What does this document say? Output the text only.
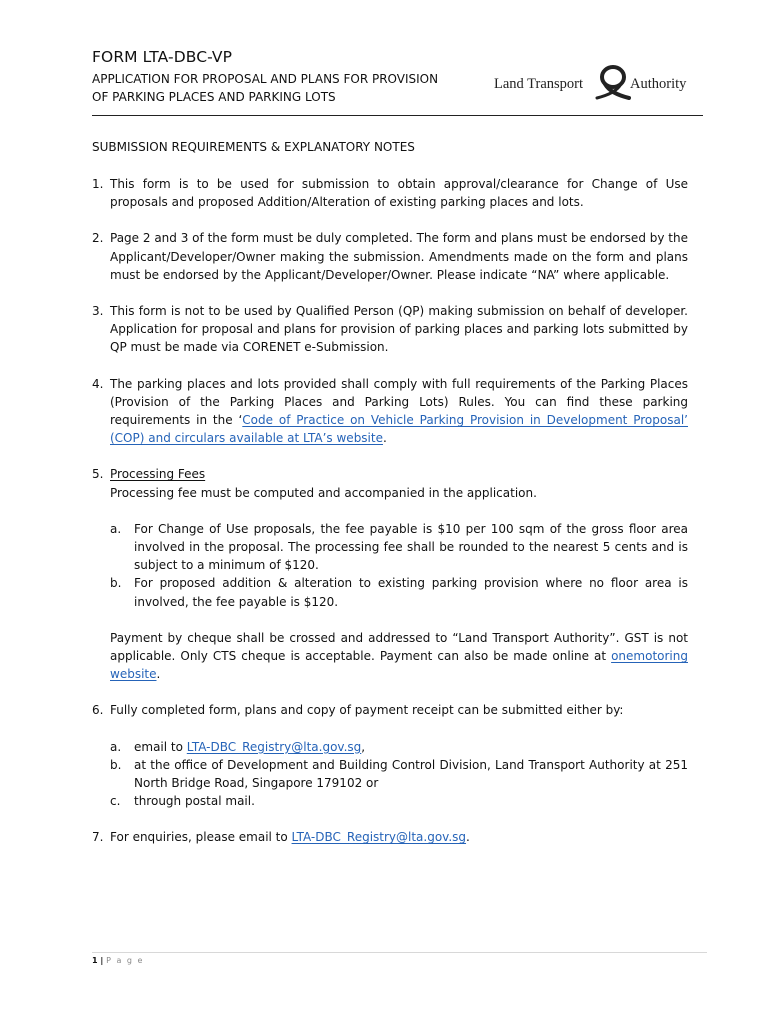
FORM LTA-DBC-VP
APPLICATION FOR PROPOSAL AND PLANS FOR PROVISION
OF PARKING PLACES AND PARKING LOTS
Land Transport	Authority
SUBMISSION REQUIREMENTS & EXPLANATORY NOTES
1. This form is to be used for submission to obtain approval/clearance for Change of Use proposals and proposed Addition/Alteration of existing parking places and lots.

2. Page 2 and 3 of the form must be duly completed. The form and plans must be endorsed by the Applicant/Developer/Owner making the submission. Amendments made on the form and plans must be endorsed by the Applicant/Developer/Owner. Please indicate “NA” where applicable.

3. This form is not to be used by Qualified Person (QP) making submission on behalf of developer. Application for proposal and plans for provision of parking places and parking lots submitted by QP must be made via CORENET e-Submission.

4. The parking places and lots provided shall comply with full requirements of the Parking Places (Provision of the Parking Places and Parking Lots) Rules. You can find these parking requirements in the ‘Code of Practice on Vehicle Parking Provision in Development Proposal’ (COP) and circulars available at LTA’s website.

5. Processing Fees

Processing fee must be computed and accompanied in the application.

a. For Change of Use proposals, the fee payable is $10 per 100 sqm of the gross floor area involved in the proposal. The processing fee shall be rounded to the nearest 5 cents and is subject to a minimum of $120.
b. For proposed addition & alteration to existing parking provision where no floor area is involved, the fee payable is $120.

Payment by cheque shall be crossed and addressed to “Land Transport Authority”. GST is not applicable. Only CTS cheque is acceptable. Payment can also be made online at onemotoring website.

6. Fully completed form, plans and copy of payment receipt can be submitted either by:

a. email to LTA-DBC_Registry@lta.gov.sg,
b. at the office of Development and Building Control Division, Land Transport Authority at 251 North Bridge Road, Singapore 179102 or
c. through postal mail.
7. For enquiries, please email to LTA-DBC_Registry@lta.gov.sg.

1 | P a g e
